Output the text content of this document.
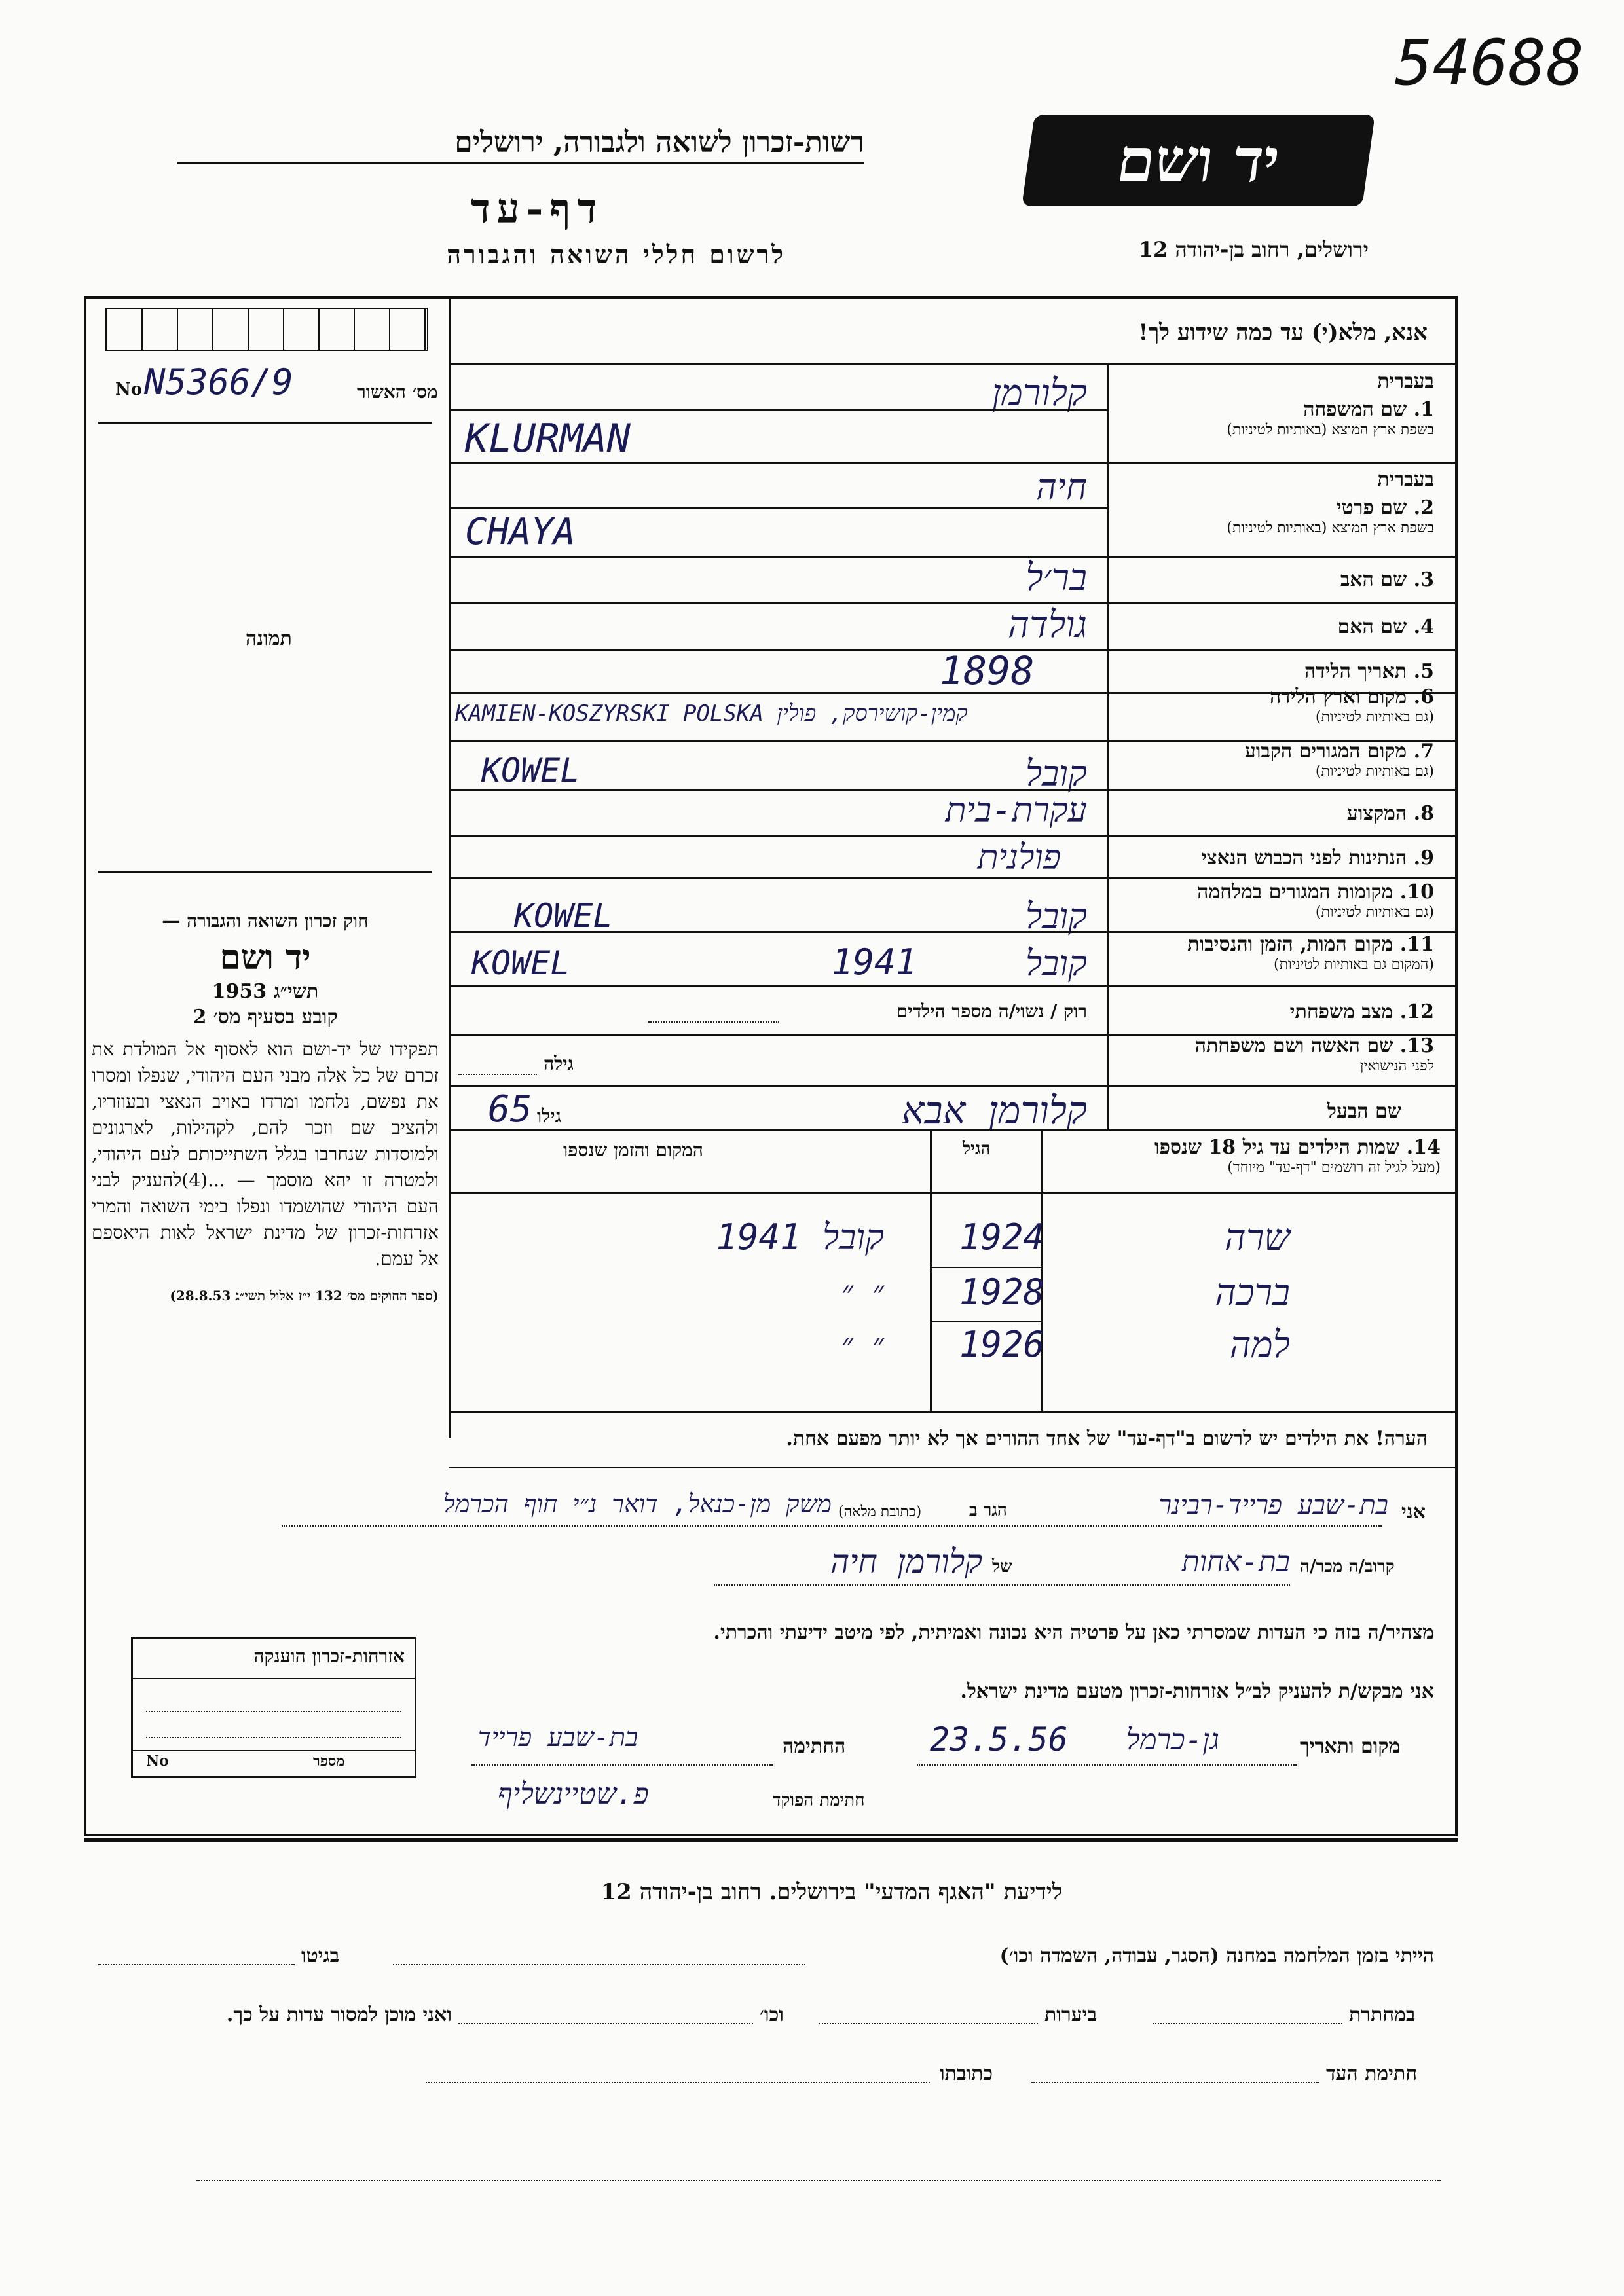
54688
רשות-זכרון לשואה ולגבורה, ירושלים
דף-עד
לרשום חללי השואה והגבורה
יד ושם
ירושלים, רחוב בן-יהודה 12
No N5366/9	מס׳ האשור
תמונה

חוק זכרון השואה והגבורה —

יד ושם

תשי״ג 1953

קובע בסעיף מס׳ 2

תפקידו של יד-ושם הוא לאסוף אל המולדת את זכרם של כל אלה מבני העם היהודי, שנפלו ומסרו את נפשם, נלחמו ומרדו באויב הנאצי ובעוזריו, ולהציב שם וזכר להם, לקהילות, לארגונים ולמוסדות שנחרבו בגלל השתייכותם לעם היהודי, ולמטרה זו יהא מוסמך — ...(4)להעניק לבני העם היהודי שהושמדו ונפלו בימי השואה והמרי אזרחות-זכרון של מדינת ישראל לאות היאספם אל עמם.

(ספר החוקים מס׳ 132 י״ז אלול תשי״ג 28.8.53)

אנא, מלא(י) עד כמה שידוע לך!
בעברית
1. שם המשפחה
בשפת ארץ המוצא (באותיות לטיניות)
קלורמן
KLURMAN
בעברית
2. שם פרטי
בשפת ארץ המוצא (באותיות לטיניות)
חיה
CHAYA
3. שם האב
בר׳ל
4. שם האם
גולדה
5. תאריך הלידה
1898
6. מקום וארץ הלידה
(גם באותיות לטיניות)
KAMIEN-KOSZYRSKI POLSKA קמין-קושירסק, פולין
7. מקום המגורים הקבוע
(גם באותיות לטיניות)
KOWEL	קובל
8. המקצוע
עקרת-בית
9. הנתינות לפני הכבוש הנאצי
פולנית
10. מקומות המגורים במלחמה
(גם באותיות לטיניות)
KOWEL	קובל
11. מקום המות, הזמן והנסיבות
(המקום גם באותיות לטיניות)
KOWEL	1941	קובל
12. מצב משפחתי
רוק / נשוי/ה מספר הילדים
13. שם האשה ושם משפחתה
לפני הנישואין
גילה
שם הבעל
65 גילו	קלורמן אבא
14. שמות הילדים עד גיל 18 שנספו
(מעל לגיל זה רושמים "דף-עד" מיוחד)
הגיל
המקום והזמן שנספו
שרה
1924
קובל 1941
ברכה
1928
״ ״
למה
1926
״ ״
הערה! את הילדים יש לרשום ב"דף-עד" של אחד ההורים אך לא יותר מפעם אחת.
אני
בת-שבע פרייד-רבינר
הגר ב
(כתובת מלאה)
משק מן-כנאל, דואר נ״י חוף הכרמל
קרוב/ה מכר/ה
בת-אחות
של
קלורמן חיה
מצהיר/ה בזה כי העדות שמסרתי כאן על פרטיה היא נכונה ואמיתית, לפי מיטב ידיעתי והכרתי.
אני מבקש/ת להעניק לב״ל אזרחות-זכרון מטעם מדינת ישראל.
מקום ותאריך
גן-כרמל
23.5.56
החתימה
בת-שבע פרייד
חתימת הפוקד
פ.שטיינשליף
אזרחות-זכרון הוענקה
No	מספר
לידיעת "האגף המדעי" בירושלים. רחוב בן-יהודה 12
הייתי בזמן המלחמה במחנה (הסגר, עבודה, השמדה וכו׳)
בגיטו
במחתרת
ביערות
וכו׳
ואני מוכן למסור עדות על כך.
חתימת העד
כתובתו
